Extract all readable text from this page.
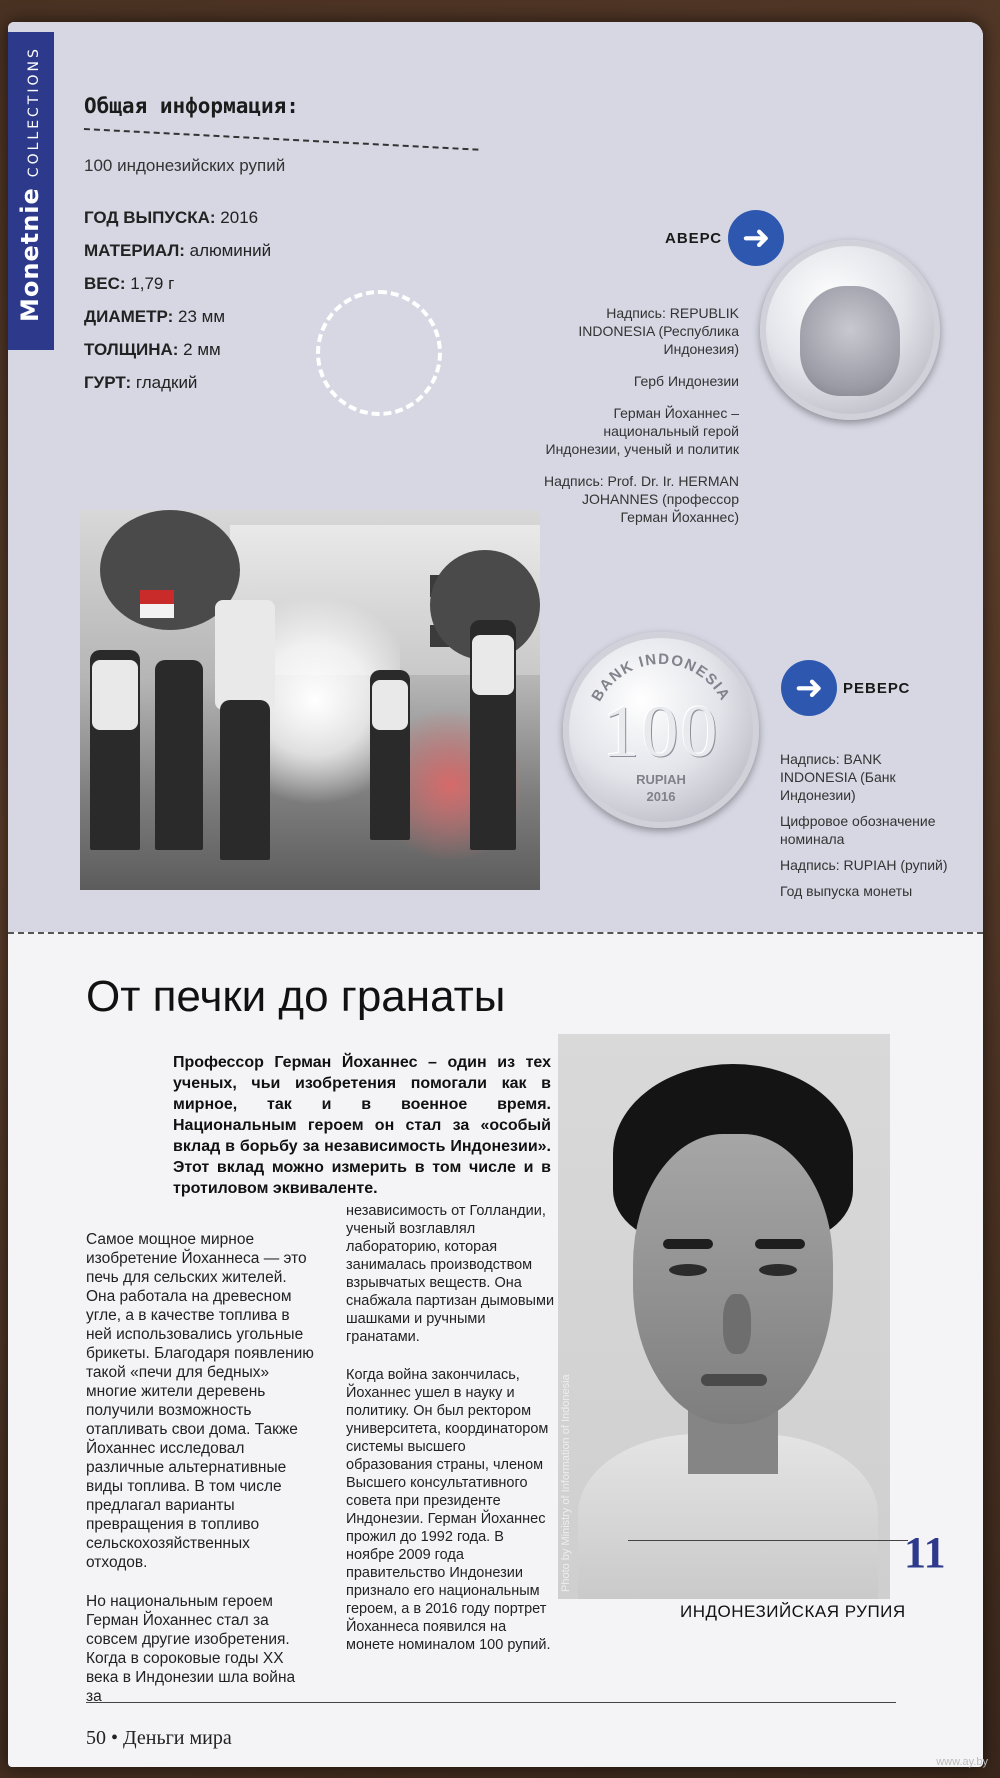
MonetnieCOLLECTIONS Общая информация:
100 индонезийских рупий
ГОД ВЫПУСКА: 2016
МАТЕРИАЛ: алюминий
ВЕС: 1,79 г
ДИАМЕТР: 23 мм
ТОЛЩИНА: 2 мм
ГУРТ: гладкий
АВЕРС ➜

Надпись: REPUBLIK INDONESIA (Республика Индонезия)

Герб Индонезии

Герман Йоханнес – национальный герой Индонезии, ученый и политик

Надпись: Prof. Dr. Ir. HERMAN JOHANNES (профессор Герман Йоханнес)

BANK INDONESIA
100
RUPIAH
2016
➜	РЕВЕРС

Надпись: BANK INDONESIA (Банк Индонезии)

Цифровое обозначение номинала

Надпись: RUPIAH (рупий)

Год выпуска монеты

От печки до гранаты
Профессор Герман Йоханнес – один из тех ученых, чьи изобретения помогали как в мирное, так и в военное время. Национальным героем он стал за «особый вклад в борьбу за независимость Индонезии». Этот вклад можно измерить в том числе и в тротиловом эквиваленте.

Самое мощное мирное изобретение Йоханнеса — это печь для сельских жителей. Она работала на древесном угле, а в качестве топлива в ней использовались угольные брикеты. Благодаря появлению такой «печи для бедных» многие жители деревень получили возможность отапливать свои дома. Также Йоханнес исследовал различные альтернативные виды топлива. В том числе предлагал варианты превращения в топливо сельскохозяйственных отходов.

Но национальным героем Герман Йоханнес стал за совсем другие изобретения. Когда в сороковые годы XX века в Индонезии шла война за

независимость от Голландии, ученый возглавлял лабораторию, которая занималась производством взрывчатых веществ. Она снабжала партизан дымовыми шашками и ручными гранатами.

Когда война закончилась, Йоханнес ушел в науку и политику. Он был ректором университета, координатором системы высшего образования страны, членом Высшего консультативного совета при президенте Индонезии. Герман Йоханнес прожил до 1992 года. В ноябре 2009 года правительство Индонезии признало его национальным героем, а в 2016 году портрет Йоханнеса появился на монете номиналом 100 рупий.

Photo by Ministry of Information of Indonesia
ИНДОНЕЗИЙСКАЯ РУПИЯ
11
50 • Деньги мира
www.ay.by
